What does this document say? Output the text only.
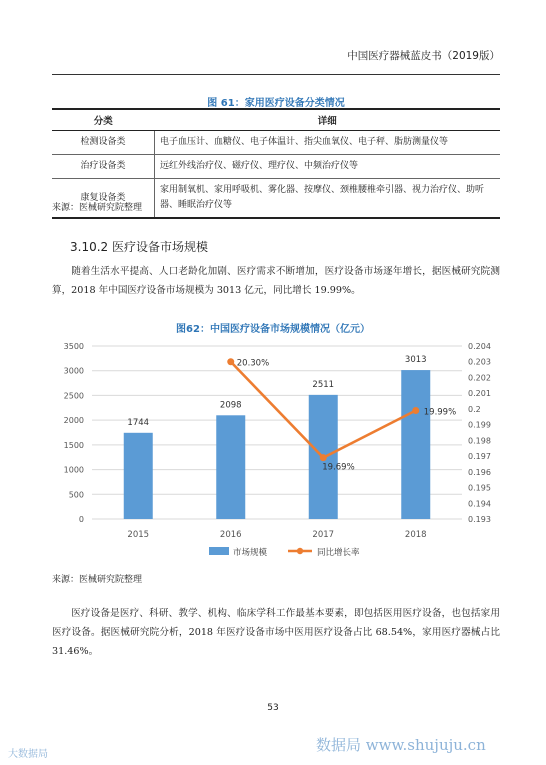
中国医疗器械蓝皮书（2019版）
图 61：家用医疗设备分类情况
分类	详细
检测设备类	电子血压计、血糖仪、电子体温计、指尖血氧仪、电子秤、脂肪测量仪等
治疗设备类	远红外线治疗仪、磁疗仪、理疗仪、中频治疗仪等
康复设备类	家用制氧机、家用呼吸机、雾化器、按摩仪、颈椎腰椎牵引器、视力治疗仪、助听器、睡眠治疗仪等
来源：医械研究院整理
3.10.2 医疗设备市场规模
随着生活水平提高、人口老龄化加剧、医疗需求不断增加，医疗设备市场逐年增长，据医械研究院测算，2018 年中国医疗设备市场规模为 3013 亿元，同比增长 19.99%。
图62：中国医疗设备市场规模情况（亿元）
0
500
1000
1500
2000
2500
3000
3500
0.193
0.194
0.195
0.196
0.197
0.198
0.199
0.2
0.201
0.202
0.203
0.204
1744
2098
2511
3013
2015	2016	2017	2018
20.30%
19.69%
19.99%
市场规模	同比增长率
来源：医械研究院整理
医疗设备是医疗、科研、教学、机构、临床学科工作最基本要素，即包括医用医疗设备，也包括家用医疗设备。据医械研究院分析，2018 年医疗设备市场中医用医疗设备占比 68.54%，家用医疗器械占比 31.46%。
53
大数据局
数据局 www.shujuju.cn
